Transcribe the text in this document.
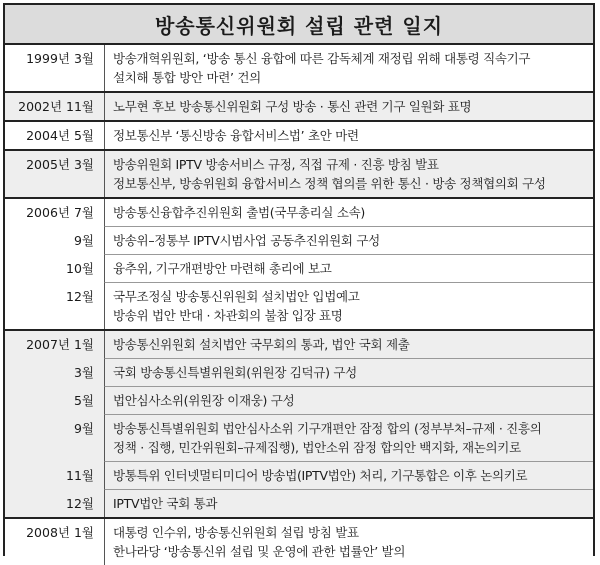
방송통신위원회 설립 관련 일지
1999년 3월	방송개혁위원회, ‘방송 통신 융합에 따른 감독체계 재정립 위해 대통령 직속기구
설치해 통합 방안 마련’ 건의
2002년 11월	노무현 후보 방송통신위원회 구성 방송 · 통신 관련 기구 일원화 표명
2004년 5월	정보통신부 ‘통신방송 융합서비스법’ 초안 마련
2005년 3월	방송위원회 IPTV 방송서비스 규정, 직접 규제 · 진흥 방침 발표
정보통신부, 방송위원회 융합서비스 정책 협의를 위한 통신 · 방송 정책협의회 구성
2006년 7월	방송통신융합추진위원회 출범(국무총리실 소속)
9월	방송위–정통부 IPTV시범사업 공동추진위원회 구성
10월	융추위, 기구개편방안 마련해 총리에 보고
12월	국무조정실 방송통신위원회 설치법안 입법예고
방송위 법안 반대 · 차관회의 불참 입장 표명
2007년 1월	방송통신위원회 설치법안 국무회의 통과, 법안 국회 제출
3월	국회 방송통신특별위원회(위원장 김덕규) 구성
5월	법안심사소위(위원장 이재웅) 구성
9월	방송통신특별위원회 법안심사소위 기구개편안 잠정 합의 (정부부처–규제 · 진흥의
정책 · 집행, 민간위원회–규제집행), 법안소위 잠정 합의안 백지화, 재논의키로
11월	방통특위 인터넷멀티미디어 방송법(IPTV법안) 처리, 기구통합은 이후 논의키로
12월	IPTV법안 국회 통과
2008년 1월	대통령 인수위, 방송통신위원회 설립 방침 발표
한나라당 ‘방송통신위 설립 및 운영에 관한 법률안’ 발의
